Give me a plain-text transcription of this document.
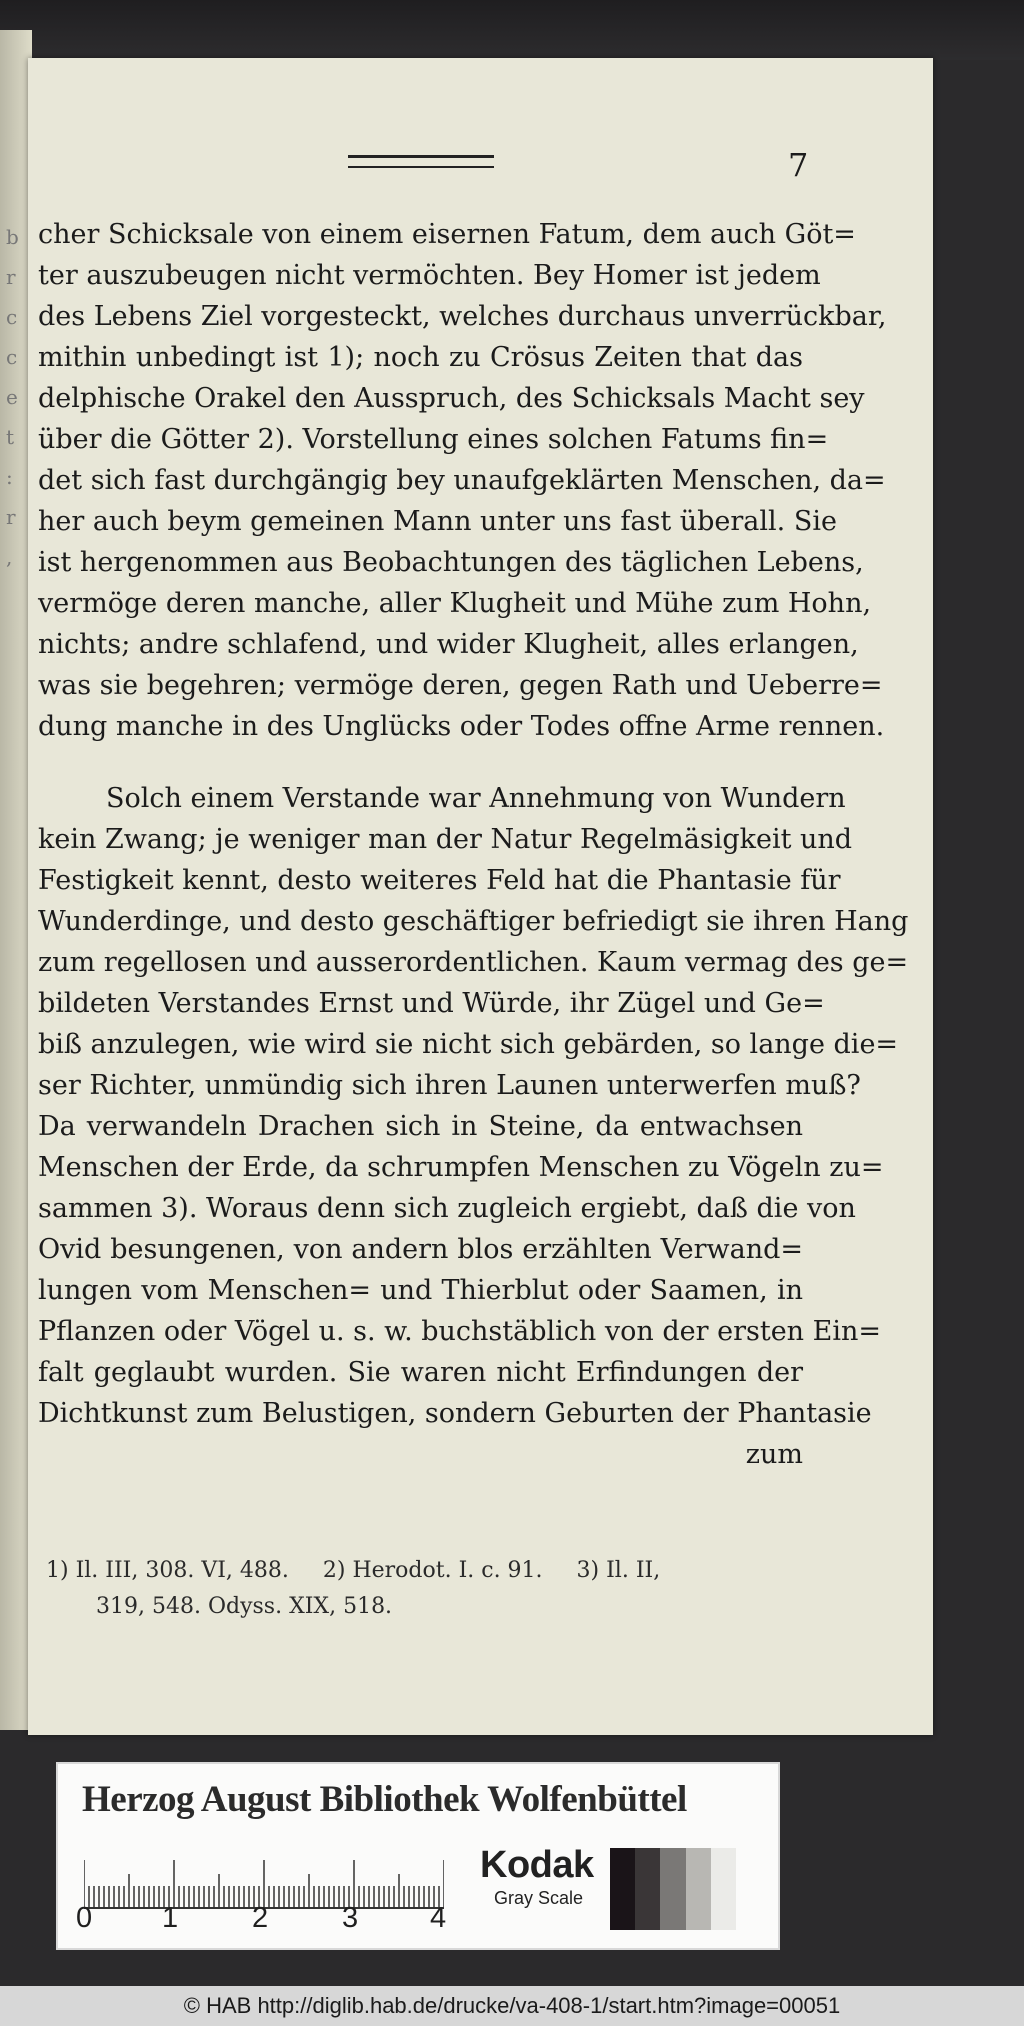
b
r
c
c
e
t
:
r
,
7
cher Schicksale von einem eisernen Fatum, dem auch Göt=
ter auszubeugen nicht vermöchten. Bey Homer ist jedem
des Lebens Ziel vorgesteckt, welches durchaus unverrückbar,
mithin unbedingt ist 1); noch zu Crösus Zeiten that das
delphische Orakel den Ausspruch, des Schicksals Macht sey
über die Götter 2). Vorstellung eines solchen Fatums fin=
det sich fast durchgängig bey unaufgeklärten Menschen, da=
her auch beym gemeinen Mann unter uns fast überall. Sie
ist hergenommen aus Beobachtungen des täglichen Lebens,
vermöge deren manche, aller Klugheit und Mühe zum Hohn,
nichts; andre schlafend, und wider Klugheit, alles erlangen,
was sie begehren; vermöge deren, gegen Rath und Ueberre=
dung manche in des Unglücks oder Todes offne Arme rennen.
Solch einem Verstande war Annehmung von Wundern
kein Zwang; je weniger man der Natur Regelmäsigkeit und
Festigkeit kennt, desto weiteres Feld hat die Phantasie für
Wunderdinge, und desto geschäftiger befriedigt sie ihren Hang
zum regellosen und ausserordentlichen. Kaum vermag des ge=
bildeten Verstandes Ernst und Würde, ihr Zügel und Ge=
biß anzulegen, wie wird sie nicht sich gebärden, so lange die=
ser Richter, unmündig sich ihren Launen unterwerfen muß?
Da verwandeln Drachen sich in Steine, da entwachsen
Menschen der Erde, da schrumpfen Menschen zu Vögeln zu=
sammen 3). Woraus denn sich zugleich ergiebt, daß die von
Ovid besungenen, von andern blos erzählten Verwand=
lungen vom Menschen= und Thierblut oder Saamen, in
Pflanzen oder Vögel u. s. w. buchstäblich von der ersten Ein=
falt geglaubt wurden. Sie waren nicht Erfindungen der
Dichtkunst zum Belustigen, sondern Geburten der Phantasie
zum
1) Il. III, 308. VI, 488. 2) Herodot. I. c. 91. 3) Il. II,
319, 548. Odyss. XIX, 518.
Herzog August Bibliothek Wolfenbüttel
0 1	2	3 4
Kodak
Gray Scale
© HAB http://diglib.hab.de/drucke/va-408-1/start.htm?image=00051
